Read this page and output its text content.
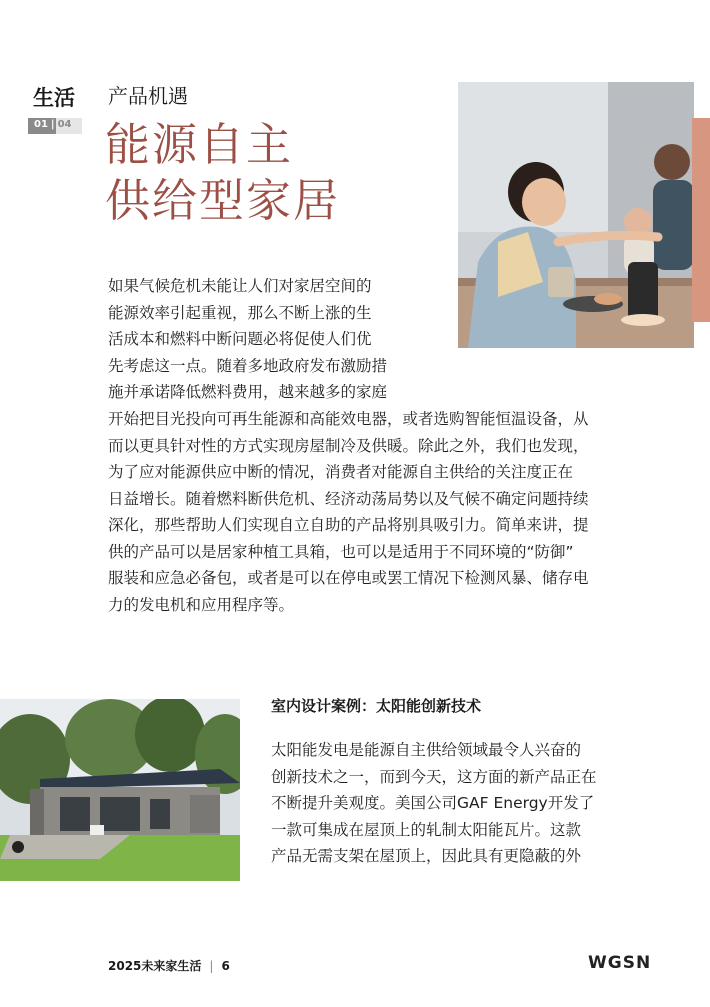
生活
01 | 04
产品机遇
能源自主
供给型家居
如果气候危机未能让人们对家居空间的
能源效率引起重视，那么不断上涨的生
活成本和燃料中断问题必将促使人们优
先考虑这一点。随着多地政府发布激励措
施并承诺降低燃料费用，越来越多的家庭
开始把目光投向可再生能源和高能效电器，或者选购智能恒温设备，从
而以更具针对性的方式实现房屋制冷及供暖。除此之外，我们也发现，
为了应对能源供应中断的情况，消费者对能源自主供给的关注度正在
日益增长。随着燃料断供危机、经济动荡局势以及气候不确定问题持续
深化，那些帮助人们实现自立自助的产品将别具吸引力。简单来讲，提
供的产品可以是居家种植工具箱，也可以是适用于不同环境的“防御”
服装和应急必备包，或者是可以在停电或罢工情况下检测风暴、储存电
力的发电机和应用程序等。
室内设计案例：太阳能创新技术
太阳能发电是能源自主供给领域最令人兴奋的
创新技术之一，而到今天，这方面的新产品正在
不断提升美观度。美国公司GAF Energy开发了
一款可集成在屋顶上的轧制太阳能瓦片。这款
产品无需支架在屋顶上，因此具有更隐蔽的外
2025未来家生活 | 6	WGSN
